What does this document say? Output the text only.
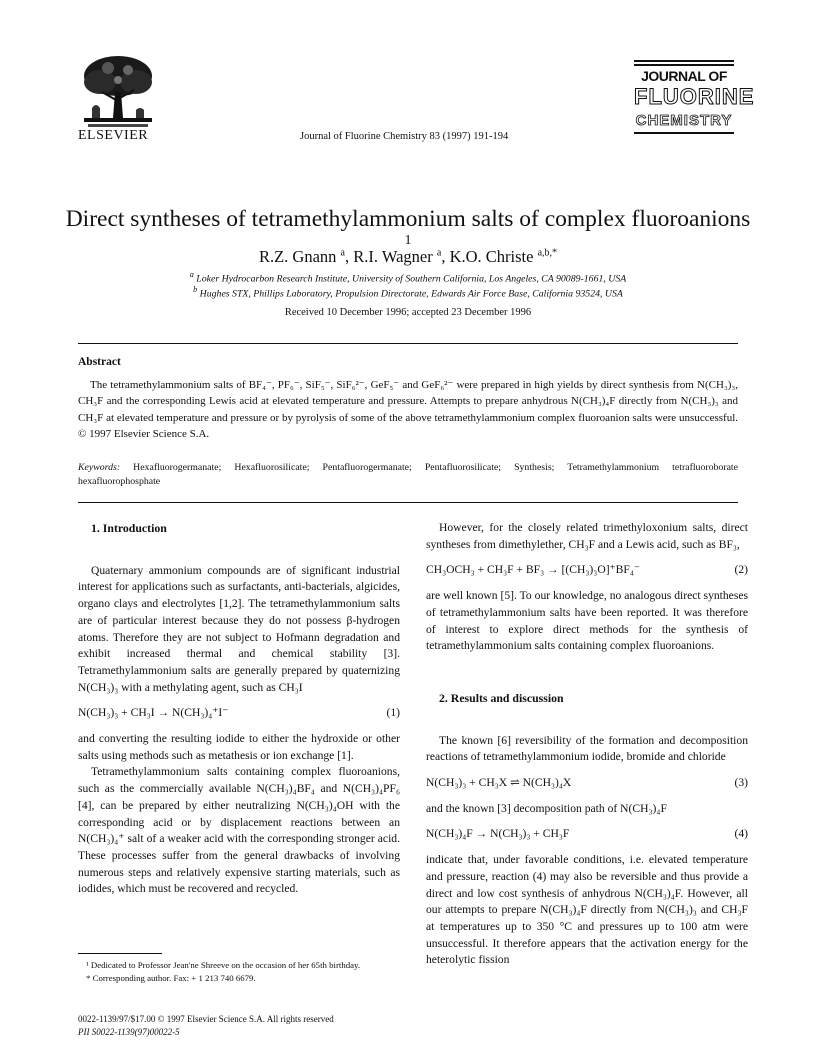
ELSEVIER	Journal of Fluorine Chemistry 83 (1997) 191-194
JOURNAL OF
FLUORINE
CHEMISTRY
Direct syntheses of tetramethylammonium salts of complex fluoroanions $^1$
R.Z. Gnann $^a$, R.I. Wagner $^a$, K.O. Christe $^{a,b,*}$
$^a$ Loker Hydrocarbon Research Institute, University of Southern California, Los Angeles, CA 90089-1661, USA
$^b$ Hughes STX, Phillips Laboratory, Propulsion Directorate, Edwards Air Force Base, California 93524, USA
Received 10 December 1996; accepted 23 December 1996
Abstract

The tetramethylammonium salts of BF₄⁻, PF₆⁻, SiF₅⁻, SiF₆²⁻, GeF₅⁻ and GeF₆²⁻ were prepared in high yields by direct synthesis from N(CH₃)₃, CH₃F and the corresponding Lewis acid at elevated temperature and pressure. Attempts to prepare anhydrous N(CH₃)₄F directly from N(CH₃)₃ and CH₃F at elevated temperature and pressure or by pyrolysis of some of the above tetramethylammonium complex fluoroanion salts were unsuccessful. © 1997 Elsevier Science S.A.

Keywords: Hexafluorogermanate; Hexafluorosilicate; Pentafluorogermanate; Pentafluorosilicate; Synthesis; Tetramethylammonium tetrafluoroborate hexafluorophosphate

1. Introduction

Quaternary ammonium compounds are of significant industrial interest for applications such as surfactants, anti-bacterials, algicides, organo clays and electrolytes [1,2]. The tetramethylammonium salts are of particular interest because they do not possess β-hydrogen atoms. Therefore they are not subject to Hofmann degradation and exhibit increased thermal and chemical stability [3]. Tetramethylammonium salts are generally prepared by quaternizing N(CH₃)₃ with a methylating agent, such as CH₃I

N(CH₃)₃ + CH₃I → N(CH₃)₄⁺I⁻	(1)

and converting the resulting iodide to either the hydroxide or other salts using methods such as metathesis or ion exchange [1].

Tetramethylammonium salts containing complex fluoroanions, such as the commercially available N(CH₃)₄BF₄ and N(CH₃)₄PF₆ [4], can be prepared by either neutralizing N(CH₃)₄OH with the corresponding acid or by displacement reactions between an N(CH₃)₄⁺ salt of a weaker acid with the corresponding stronger acid. These processes suffer from the general drawbacks of involving numerous steps and relatively expensive starting materials, such as iodides, which must be recovered and recycled.

However, for the closely related trimethyloxonium salts, direct syntheses from dimethylether, CH₃F and a Lewis acid, such as BF₃,

CH₃OCH₃ + CH₃F + BF₃ → [(CH₃)₃O]⁺BF₄⁻	(2)

are well known [5]. To our knowledge, no analogous direct syntheses of tetramethylammonium salts have been reported. It was therefore of interest to explore direct methods for the synthesis of tetramethylammonium salts containing complex fluoroanions.

2. Results and discussion

The known [6] reversibility of the formation and decomposition reactions of tetramethylammonium iodide, bromide and chloride

N(CH₃)₃ + CH₃X ⇌ N(CH₃)₄X	(3)

and the known [3] decomposition path of N(CH₃)₄F

N(CH₃)₄F → N(CH₃)₃ + CH₃F	(4)

indicate that, under favorable conditions, i.e. elevated temperature and pressure, reaction (4) may also be reversible and thus provide a direct and low cost synthesis of anhydrous N(CH₃)₄F. However, all our attempts to prepare N(CH₃)₄F directly from N(CH₃)₃ and CH₃F at temperatures up to 350 °C and pressures up to 100 atm were unsuccessful. It therefore appears that the activation energy for the heterolytic fission

¹ Dedicated to Professor Jean'ne Shreeve on the occasion of her 65th birthday.

* Corresponding author. Fax: + 1 213 740 6679.

0022-1139/97/$17.00 © 1997 Elsevier Science S.A. All rights reserved
PII S0022-1139(97)00022-5
